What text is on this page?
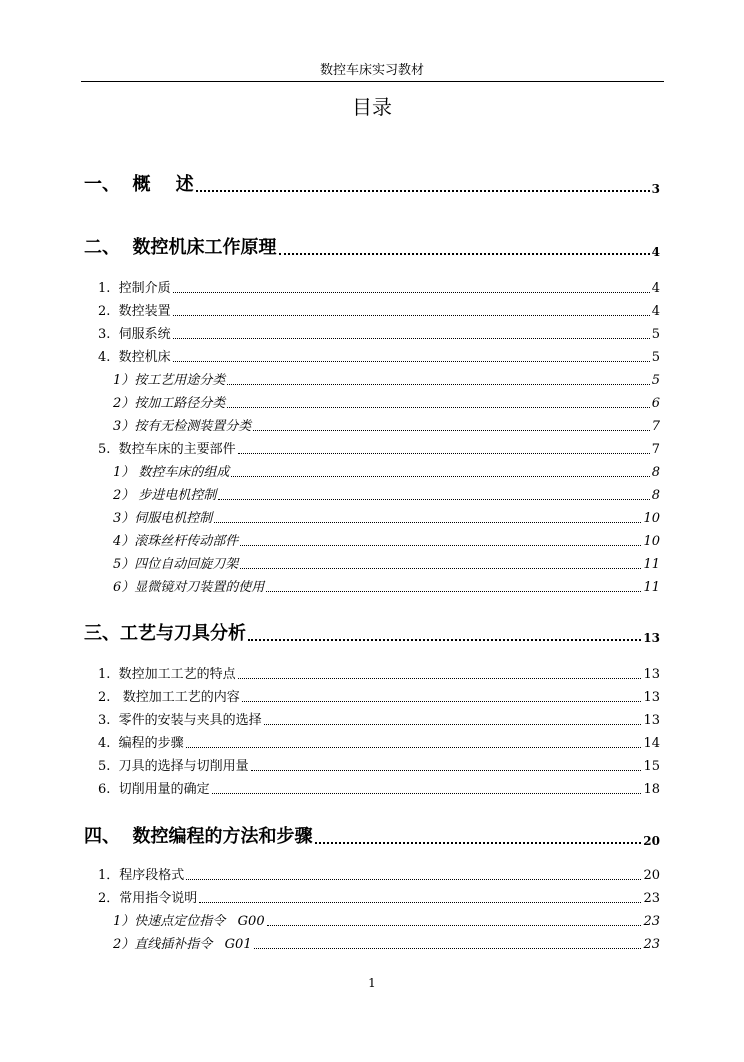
数控车床实习教材
目录
一、  概    述	3
二、  数控机床工作原理	4
1.  控制介质	4
2.  数控装置	4
3.  伺服系统	5
4.  数控机床	5
1）按工艺用途分类	5
2）按加工路径分类	6
3）按有无检测装置分类	7
5.  数控车床的主要部件	7
1） 数控车床的组成	8
2） 步进电机控制	8
3）伺服电机控制	10
4）滚珠丝杆传动部件	10
5）四位自动回旋刀架	11
6）显微镜对刀装置的使用	11
三、工艺与刀具分析	13
1.  数控加工工艺的特点	13
2.   数控加工工艺的内容	13
3.  零件的安装与夹具的选择	13
4.  编程的步骤	14
5.  刀具的选择与切削用量	15
6.  切削用量的确定	18
四、  数控编程的方法和步骤	20
1．程序段格式	20
2．常用指令说明	23
1）快速点定位指令   G00	23
2）直线插补指令   G01	23
1
